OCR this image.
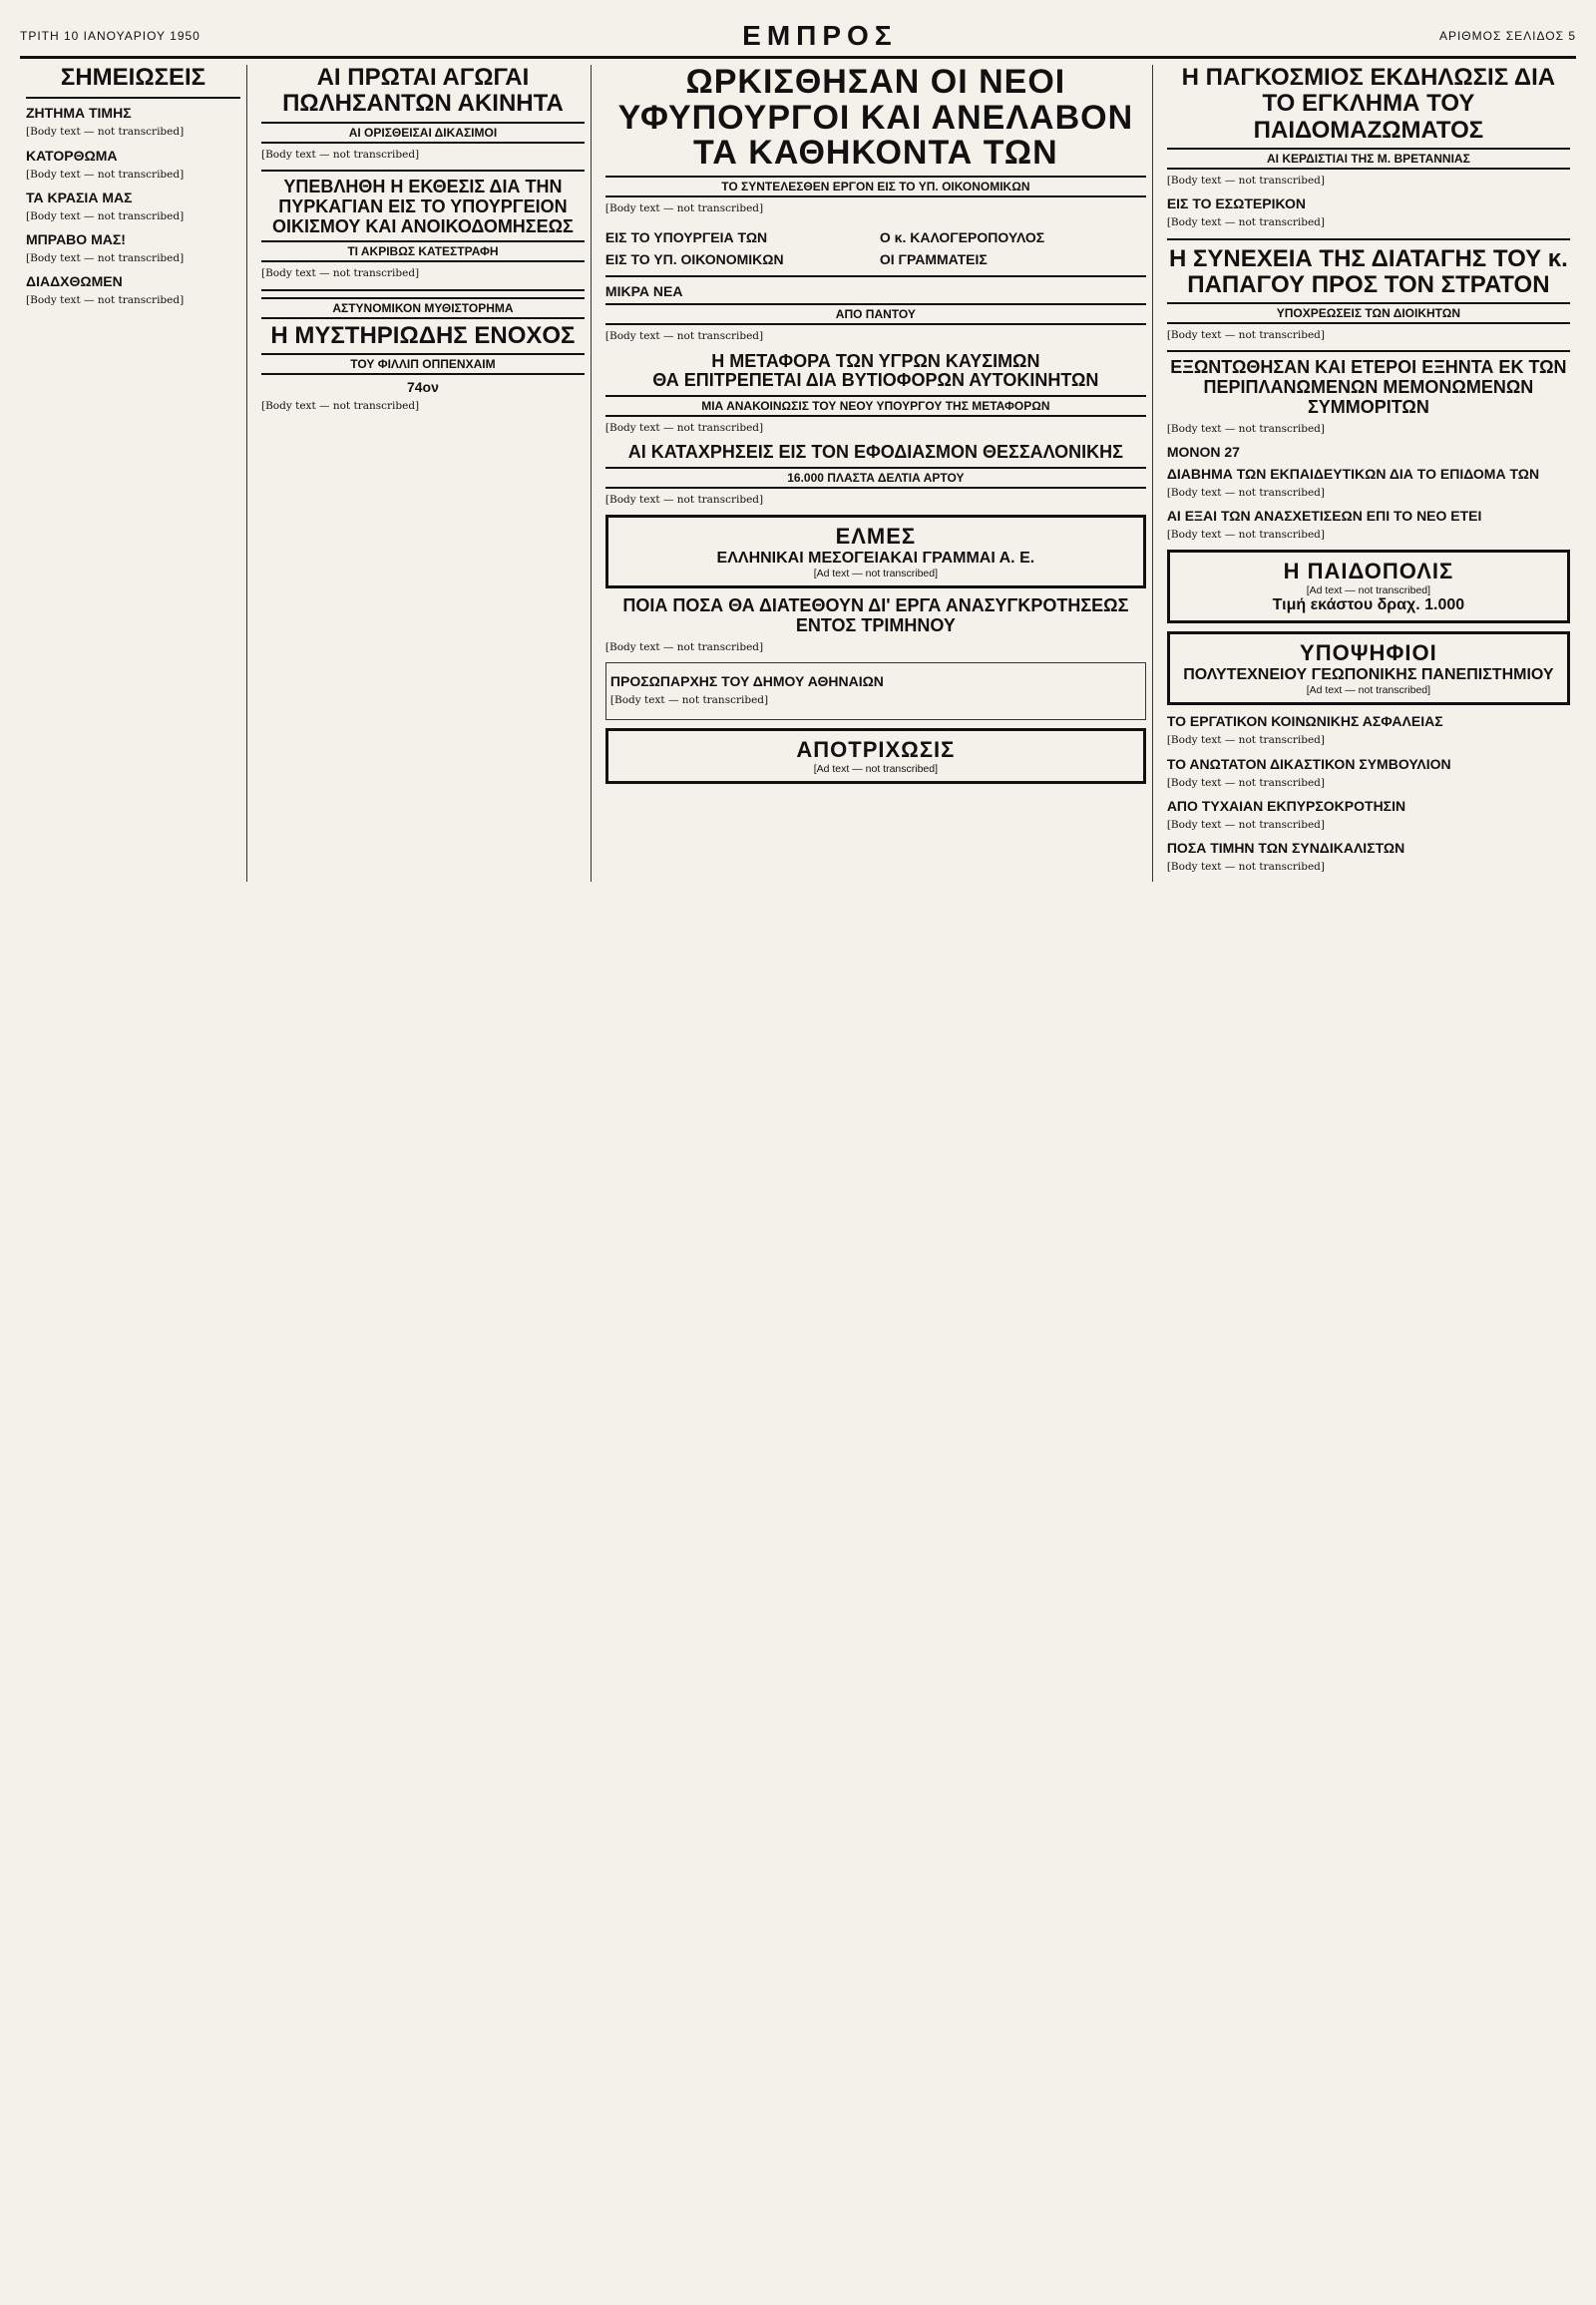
ΤΡΙΤΗ 10 ΙΑΝΟΥΑΡΙΟΥ 1950	ΕΜΠΡΟΣ	ΑΡΙΘΜΟΣ ΣΕΛΙΔΟΣ 5
ΣΗΜΕΙΩΣΕΙΣ
ΖΗΤΗΜΑ ΤΙΜΗΣ
[Body text — not transcribed]
ΚΑΤΟΡΘΩΜΑ
[Body text — not transcribed]
ΤΑ ΚΡΑΣΙΑ ΜΑΣ
[Body text — not transcribed]
ΜΠΡΑΒΟ ΜΑΣ!
[Body text — not transcribed]
ΔΙΑΔΧΘΩΜΕΝ
[Body text — not transcribed]
ΑΙ ΠΡΩΤΑΙ ΑΓΩΓΑΙ ΠΩΛΗΣΑΝΤΩΝ ΑΚΙΝΗΤΑ
ΑΙ ΟΡΙΣΘΕΙΣΑΙ ΔΙΚΑΣΙΜΟΙ
[Body text — not transcribed]
ΥΠΕΒΛΗΘΗ Η ΕΚΘΕΣΙΣ ΔΙΑ ΤΗΝ ΠΥΡΚΑΓΙΑΝ ΕΙΣ ΤΟ ΥΠΟΥΡΓΕΙΟΝ ΟΙΚΙΣΜΟΥ ΚΑΙ ΑΝΟΙΚΟΔΟΜΗΣΕΩΣ
ΤΙ ΑΚΡΙΒΩΣ ΚΑΤΕΣΤΡΑΦΗ
[Body text — not transcribed]
ΑΣΤΥΝΟΜΙΚΟΝ ΜΥΘΙΣΤΟΡΗΜΑ
Η ΜΥΣΤΗΡΙΩΔΗΣ ΕΝΟΧΟΣ
ΤΟΥ ΦΙΛΛΙΠ ΟΠΠΕΝΧΑΙΜ
74ον
[Body text — not transcribed]
ΩΡΚΙΣΘΗΣΑΝ ΟΙ ΝΕΟΙ ΥΦΥΠΟΥΡΓΟΙ ΚΑΙ ΑΝΕΛΑΒΟΝ ΤΑ ΚΑΘΗΚΟΝΤΑ ΤΩΝ
ΤΟ ΣΥΝΤΕΛΕΣΘΕΝ ΕΡΓΟΝ ΕΙΣ ΤΟ ΥΠ. ΟΙΚΟΝΟΜΙΚΩΝ
[Body text — not transcribed]
ΕΙΣ ΤΟ ΥΠΟΥΡΓΕΙΑ ΤΩΝ
ΕΙΣ ΤΟ ΥΠ. ΟΙΚΟΝΟΜΙΚΩΝ
Ο κ. ΚΑΛΟΓΕΡΟΠΟΥΛΟΣ
ΟΙ ΓΡΑΜΜΑΤΕΙΣ
ΜΙΚΡΑ ΝΕΑ
ΑΠΟ ΠΑΝΤΟΥ
[Body text — not transcribed]
Η ΜΕΤΑΦΟΡΑ ΤΩΝ ΥΓΡΩΝ ΚΑΥΣΙΜΩΝ
ΘΑ ΕΠΙΤΡΕΠΕΤΑΙ ΔΙΑ ΒΥΤΙΟΦΟΡΩΝ ΑΥΤΟΚΙΝΗΤΩΝ
ΜΙΑ ΑΝΑΚΟΙΝΩΣΙΣ ΤΟΥ ΝΕΟΥ ΥΠΟΥΡΓΟΥ ΤΗΣ ΜΕΤΑΦΟΡΩΝ
[Body text — not transcribed]
ΑΙ ΚΑΤΑΧΡΗΣΕΙΣ ΕΙΣ ΤΟΝ ΕΦΟΔΙΑΣΜΟΝ ΘΕΣΣΑΛΟΝΙΚΗΣ
16.000 ΠΛΑΣΤΑ ΔΕΛΤΙΑ ΑΡΤΟΥ
[Body text — not transcribed]
ΕΛΜΕΣ
ΕΛΛΗΝΙΚΑΙ ΜΕΣΟΓΕΙΑΚΑΙ ΓΡΑΜΜΑΙ Α. Ε.
[Ad text — not transcribed]
ΠΟΙΑ ΠΟΣΑ ΘΑ ΔΙΑΤΕΘΟΥΝ ΔΙ' ΕΡΓΑ ΑΝΑΣΥΓΚΡΟΤΗΣΕΩΣ ΕΝΤΟΣ ΤΡΙΜΗΝΟΥ
[Body text — not transcribed]
ΠΡΟΣΩΠΑΡΧΗΣ ΤΟΥ ΔΗΜΟΥ ΑΘΗΝΑΙΩΝ
[Body text — not transcribed]
ΑΠΟΤΡΙΧΩΣΙΣ
[Ad text — not transcribed]
Η ΠΑΓΚΟΣΜΙΟΣ ΕΚΔΗΛΩΣΙΣ ΔΙΑ ΤΟ ΕΓΚΛΗΜΑ ΤΟΥ ΠΑΙΔΟΜΑΖΩΜΑΤΟΣ
ΑΙ ΚΕΡΔΙΣΤΙΑΙ ΤΗΣ Μ. ΒΡΕΤΑΝΝΙΑΣ
[Body text — not transcribed]
ΕΙΣ ΤΟ ΕΣΩΤΕΡΙΚΟΝ
[Body text — not transcribed]
Η ΣΥΝΕΧΕΙΑ ΤΗΣ ΔΙΑΤΑΓΗΣ ΤΟΥ κ. ΠΑΠΑΓΟΥ ΠΡΟΣ ΤΟΝ ΣΤΡΑΤΟΝ
ΥΠΟΧΡΕΩΣΕΙΣ ΤΩΝ ΔΙΟΙΚΗΤΩΝ
[Body text — not transcribed]
ΕΞΩΝΤΩΘΗΣΑΝ ΚΑΙ ΕΤΕΡΟΙ ΕΞΗΝΤΑ ΕΚ ΤΩΝ ΠΕΡΙΠΛΑΝΩΜΕΝΩΝ ΜΕΜΟΝΩΜΕΝΩΝ ΣΥΜΜΟΡΙΤΩΝ
[Body text — not transcribed]
ΜΟΝΟΝ 27
ΔΙΑΒΗΜΑ ΤΩΝ ΕΚΠΑΙΔΕΥΤΙΚΩΝ ΔΙΑ ΤΟ ΕΠΙΔΟΜΑ ΤΩΝ
[Body text — not transcribed]
ΑΙ ΕΞΑΙ ΤΩΝ ΑΝΑΣΧΕΤΙΣΕΩΝ ΕΠΙ ΤΟ ΝΕΟ ΕΤΕΙ
[Body text — not transcribed]
Η ΠΑΙΔΟΠΟΛΙΣ
[Ad text — not transcribed]
Τιμή εκάστου δραχ. 1.000
ΥΠΟΨΗΦΙΟΙ
ΠΟΛΥΤΕΧΝΕΙΟΥ ΓΕΩΠΟΝΙΚΗΣ ΠΑΝΕΠΙΣΤΗΜΙΟΥ
[Ad text — not transcribed]
ΤΟ ΕΡΓΑΤΙΚΟΝ ΚΟΙΝΩΝΙΚΗΣ ΑΣΦΑΛΕΙΑΣ
[Body text — not transcribed]
ΤΟ ΑΝΩΤΑΤΟΝ ΔΙΚΑΣΤΙΚΟΝ ΣΥΜΒΟΥΛΙΟΝ
[Body text — not transcribed]
ΑΠΟ ΤΥΧΑΙΑΝ ΕΚΠΥΡΣΟΚΡΟΤΗΣΙΝ
[Body text — not transcribed]
ΠΟΣΑ ΤΙΜΗΝ ΤΩΝ ΣΥΝΔΙΚΑΛΙΣΤΩΝ
[Body text — not transcribed]
